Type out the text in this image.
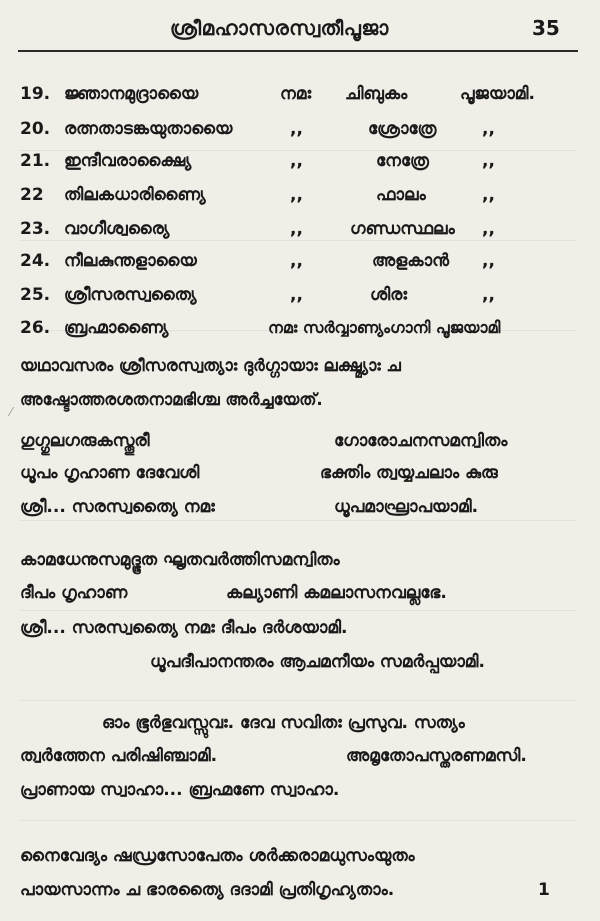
ശ്രീമഹാസരസ്വതീപൂജാ	35
19. ജ്ഞാനമുദ്രായൈ	നമഃ ചിബുകം	പൂജയാമി.
20. രത്നതാടങ്കയുതായൈ	,,	ശ്രോത്രേ	,,
21. ഇന്ദീവരാക്ഷ്യൈ	,,	നേത്രേ	,,
22 തിലകധാരിണ്യൈ	,,	ഫാലം	,,
23. വാഗീശ്വര്യൈ	,,	ഗണ്ഡസ്ഥലം ,,
24. നീലകുന്തളായൈ	,,	അളകാൻ ,,
25. ശ്രീസരസ്വത്യൈ	,,	ശിരഃ	,,
26. ബ്രഹ്മാണ്യൈ	നമഃ സർവ്വാണ്യംഗാനി പൂജയാമി
യഥാവസരം ശ്രീസരസ്വത്യാഃ ദുർഗ്ഗായാഃ ലക്ഷ്മ്യാഃ ച
അഷ്ടോത്തരശതനാമഭിശ്ച അർച്ചയേത്.
⁄
ഗുഗ്ഗുലഗരുകസ്തൂരീ	ഗോരോചനസമന്വിതം
ധൂപം ഗൃഹാണ ദേവേശി	ഭക്തിം ത്വയ്യചലാം കുരു
ശ്രീ... സരസ്വത്യൈ നമഃ	ധൂപമാഘ്രാപയാമി.
കാമധേനുസമുദ്ഭൂത ഘൃതവർത്തിസമന്വിതം
ദീപം ഗൃഹാണ	കല്യാണി കമലാസനവല്ലഭേ.
ശ്രീ... സരസ്വത്യൈ നമഃ ദീപം ദർശയാമി.
ധൂപദീപാനന്തരം ആചമനീയം സമർപ്പയാമി.
ഓം ഭൂർഭുവസ്സുവഃ. ദേവ സവിതഃ പ്രസുവ. സത്യം
ത്വർത്തേന പരിഷിഞ്ചാമി.	അമൃതോപസ്തരണമസി.
പ്രാണായ സ്വാഹാ... ബ്രഹ്മണേ സ്വാഹാ.
നൈവേദ്യം ഷഡ്രസോപേതം ശർക്കരാമധുസംയുതം
പായസാന്നം ച ഭാരത്യൈ ദദാമി പ്രതിഗൃഹ്യതാം.	1
